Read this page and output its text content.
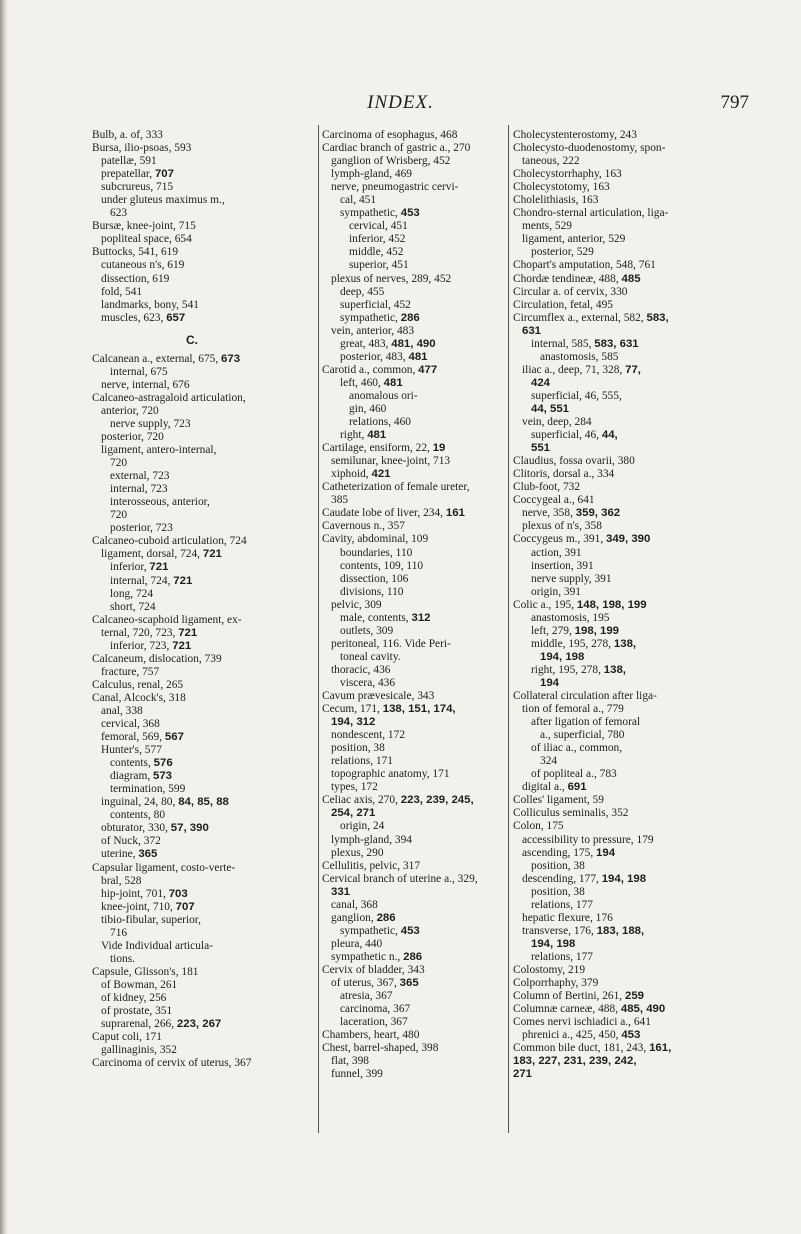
INDEX.	797
Bulb, a. of, 333
Bursa, ilio-psoas, 593
patellæ, 591
prepatellar, 707
subcrureus, 715
under gluteus maximus m.,
623
Bursæ, knee-joint, 715
popliteal space, 654
Buttocks, 541, 619
cutaneous n's, 619
dissection, 619
fold, 541
landmarks, bony, 541
muscles, 623, 657
C.
Calcanean a., external, 675, 673
internal, 675
nerve, internal, 676
Calcaneo-astragaloid articulation,
anterior, 720
nerve supply, 723
posterior, 720
ligament, antero-internal,
720
external, 723
internal, 723
interosseous, anterior,
720
posterior, 723
Calcaneo-cuboid articulation, 724
ligament, dorsal, 724, 721
inferior, 721
internal, 724, 721
long, 724
short, 724
Calcaneo-scaphoid ligament, ex-
ternal, 720, 723, 721
inferior, 723, 721
Calcaneum, dislocation, 739
fracture, 757
Calculus, renal, 265
Canal, Alcock's, 318
anal, 338
cervical, 368
femoral, 569, 567
Hunter's, 577
contents, 576
diagram, 573
termination, 599
inguinal, 24, 80, 84, 85, 88
contents, 80
obturator, 330, 57, 390
of Nuck, 372
uterine, 365
Capsular ligament, costo-verte-
bral, 528
hip-joint, 701, 703
knee-joint, 710, 707
tibio-fibular, superior,
716
Vide Individual articula-
tions.
Capsule, Glisson's, 181
of Bowman, 261
of kidney, 256
of prostate, 351
suprarenal, 266, 223, 267
Caput coli, 171
gallinaginis, 352
Carcinoma of cervix of uterus, 367
Carcinoma of esophagus, 468
Cardiac branch of gastric a., 270
ganglion of Wrisberg, 452
lymph-gland, 469
nerve, pneumogastric cervi-
cal, 451
sympathetic, 453
cervical, 451
inferior, 452
middle, 452
superior, 451
plexus of nerves, 289, 452
deep, 455
superficial, 452
sympathetic, 286
vein, anterior, 483
great, 483, 481, 490
posterior, 483, 481
Carotid a., common, 477
left, 460, 481
anomalous ori-
gin, 460
relations, 460
right, 481
Cartilage, ensiform, 22, 19
semilunar, knee-joint, 713
xiphoid, 421
Catheterization of female ureter,
385
Caudate lobe of liver, 234, 161
Cavernous n., 357
Cavity, abdominal, 109
boundaries, 110
contents, 109, 110
dissection, 106
divisions, 110
pelvic, 309
male, contents, 312
outlets, 309
peritoneal, 116. Vide Peri-
toneal cavity.
thoracic, 436
viscera, 436
Cavum prævesicale, 343
Cecum, 171, 138, 151, 174,
194, 312
nondescent, 172
position, 38
relations, 171
topographic anatomy, 171
types, 172
Celiac axis, 270, 223, 239, 245,
254, 271
origin, 24
lymph-gland, 394
plexus, 290
Cellulitis, pelvic, 317
Cervical branch of uterine a., 329,
331
canal, 368
ganglion, 286
sympathetic, 453
pleura, 440
sympathetic n., 286
Cervix of bladder, 343
of uterus, 367, 365
atresia, 367
carcinoma, 367
laceration, 367
Chambers, heart, 480
Chest, barrel-shaped, 398
flat, 398
funnel, 399
Cholecystenterostomy, 243
Cholecysto-duodenostomy, spon-
taneous, 222
Cholecystorrhaphy, 163
Cholecystotomy, 163
Cholelithiasis, 163
Chondro-sternal articulation, liga-
ments, 529
ligament, anterior, 529
posterior, 529
Chopart's amputation, 548, 761
Chordæ tendineæ, 488, 485
Circular a. of cervix, 330
Circulation, fetal, 495
Circumflex a., external, 582, 583,
631
internal, 585, 583, 631
anastomosis, 585
iliac a., deep, 71, 328, 77,
424
superficial, 46, 555,
44, 551
vein, deep, 284
superficial, 46, 44,
551
Claudius, fossa ovarii, 380
Clitoris, dorsal a., 334
Club-foot, 732
Coccygeal a., 641
nerve, 358, 359, 362
plexus of n's, 358
Coccygeus m., 391, 349, 390
action, 391
insertion, 391
nerve supply, 391
origin, 391
Colic a., 195, 148, 198, 199
anastomosis, 195
left, 279, 198, 199
middle, 195, 278, 138,
194, 198
right, 195, 278, 138,
194
Collateral circulation after liga-
tion of femoral a., 779
after ligation of femoral
a., superficial, 780
of iliac a., common,
324
of popliteal a., 783
digital a., 691
Colles' ligament, 59
Colliculus seminalis, 352
Colon, 175
accessibility to pressure, 179
ascending, 175, 194
position, 38
descending, 177, 194, 198
position, 38
relations, 177
hepatic flexure, 176
transverse, 176, 183, 188,
194, 198
relations, 177
Colostomy, 219
Colporrhaphy, 379
Column of Bertini, 261, 259
Columnæ carneæ, 488, 485, 490
Comes nervi ischiadici a., 641
phrenici a., 425, 450, 453
Common bile duct, 181, 243, 161,
183, 227, 231, 239, 242,
271
